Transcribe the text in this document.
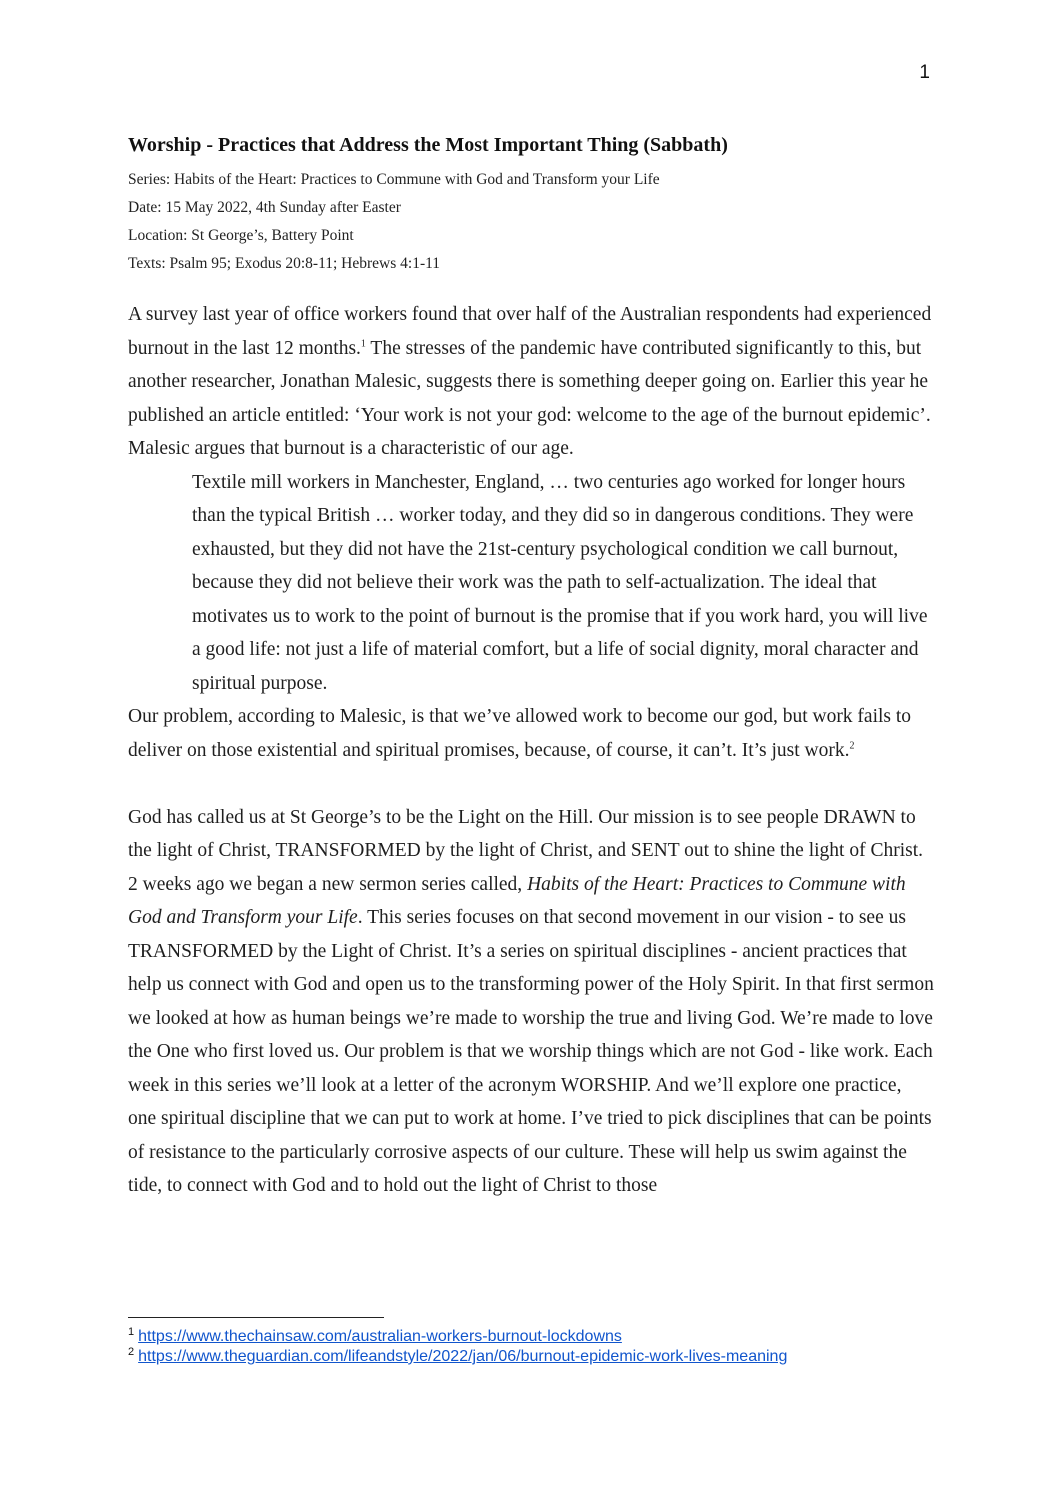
1
Worship - Practices that Address the Most Important Thing (Sabbath)

Series: Habits of the Heart: Practices to Commune with God and Transform your Life

Date: 15 May 2022, 4th Sunday after Easter

Location: St George’s, Battery Point

Texts: Psalm 95; Exodus 20:8-11; Hebrews 4:1-11

A survey last year of office workers found that over half of the Australian respondents had experienced burnout in the last 12 months.$^1$ The stresses of the pandemic have contributed significantly to this, but another researcher, Jonathan Malesic, suggests there is something deeper going on. Earlier this year he published an article entitled: ‘Your work is not your god: welcome to the age of the burnout epidemic’. Malesic argues that burnout is a characteristic of our age.

Textile mill workers in Manchester, England, … two centuries ago worked for longer hours than the typical British … worker today, and they did so in dangerous conditions. They were exhausted, but they did not have the 21st-century psychological condition we call burnout, because they did not believe their work was the path to self-actualization. The ideal that motivates us to work to the point of burnout is the promise that if you work hard, you will live a good life: not just a life of material comfort, but a life of social dignity, moral character and spiritual purpose.

Our problem, according to Malesic, is that we’ve allowed work to become our god, but work fails to deliver on those existential and spiritual promises, because, of course, it can’t. It’s just work.$^2$

God has called us at St George’s to be the Light on the Hill. Our mission is to see people DRAWN to the light of Christ, TRANSFORMED by the light of Christ, and SENT out to shine the light of Christ. 2 weeks ago we began a new sermon series called, Habits of the Heart: Practices to Commune with God and Transform your Life. This series focuses on that second movement in our vision - to see us TRANSFORMED by the Light of Christ. It’s a series on spiritual disciplines - ancient practices that help us connect with God and open us to the transforming power of the Holy Spirit. In that first sermon we looked at how as human beings we’re made to worship the true and living God. We’re made to love the One who first loved us. Our problem is that we worship things which are not God - like work. Each week in this series we’ll look at a letter of the acronym WORSHIP. And we’ll explore one practice, one spiritual discipline that we can put to work at home. I’ve tried to pick disciplines that can be points of resistance to the particularly corrosive aspects of our culture. These will help us swim against the tide, to connect with God and to hold out the light of Christ to those

$^1$ https://www.thechainsaw.com/australian-workers-burnout-lockdowns

$^2$ https://www.theguardian.com/lifeandstyle/2022/jan/06/burnout-epidemic-work-lives-meaning
